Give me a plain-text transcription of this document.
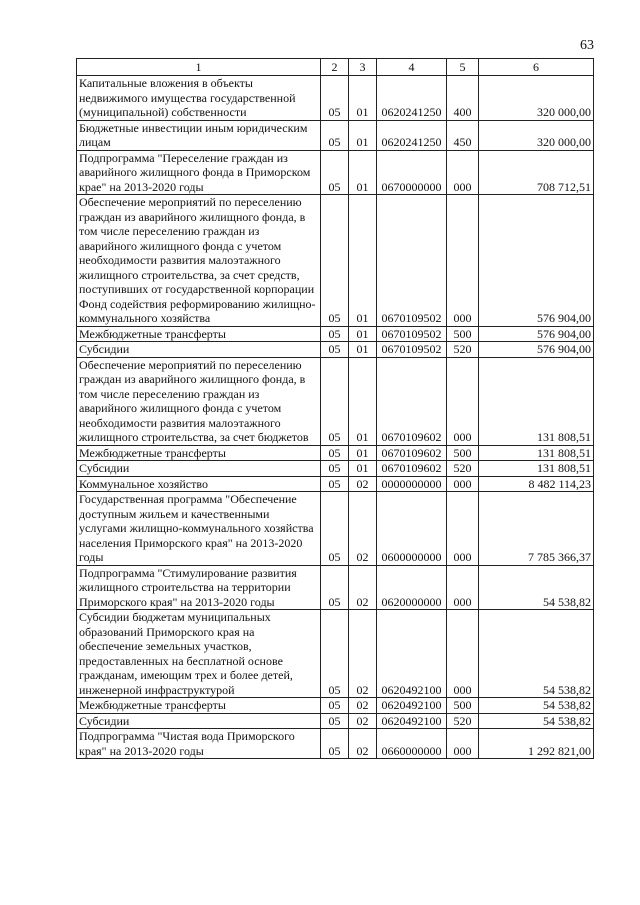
63
1	2	3	4	5	6
Капитальные вложения в объекты недвижимого имущества государственной (муниципальной) собственности	05	01	0620241250	400	320 000,00
Бюджетные инвестиции иным юридическим лицам	05	01	0620241250	450	320 000,00
Подпрограмма "Переселение граждан из аварийного жилищного фонда в Приморском крае" на 2013-2020 годы	05	01	0670000000	000	708 712,51
Обеспечение мероприятий по переселению граждан из аварийного жилищного фонда, в том числе переселению граждан из аварийного жилищного фонда с учетом необходимости развития малоэтажного жилищного строительства, за счет средств, поступивших от государственной корпорации Фонд содействия реформированию жилищно-коммунального хозяйства	05	01	0670109502	000	576 904,00
Межбюджетные трансферты	05	01	0670109502	500	576 904,00
Субсидии	05	01	0670109502	520	576 904,00
Обеспечение мероприятий по переселению граждан из аварийного жилищного фонда, в том числе переселению граждан из аварийного жилищного фонда с учетом необходимости развития малоэтажного жилищного строительства, за счет бюджетов	05	01	0670109602	000	131 808,51
Межбюджетные трансферты	05	01	0670109602	500	131 808,51
Субсидии	05	01	0670109602	520	131 808,51
Коммунальное хозяйство	05	02	0000000000	000	8 482 114,23
Государственная программа "Обеспечение доступным жильем и качественными услугами жилищно-коммунального хозяйства населения Приморского края" на 2013-2020 годы	05	02	0600000000	000	7 785 366,37
Подпрограмма "Стимулирование развития жилищного строительства на территории Приморского края" на 2013-2020 годы	05	02	0620000000	000	54 538,82
Субсидии бюджетам муниципальных образований Приморского края на обеспечение земельных участков, предоставленных на бесплатной основе гражданам, имеющим трех и более детей, инженерной инфраструктурой	05	02	0620492100	000	54 538,82
Межбюджетные трансферты	05	02	0620492100	500	54 538,82
Субсидии	05	02	0620492100	520	54 538,82
Подпрограмма "Чистая вода Приморского края" на 2013-2020 годы	05	02	0660000000	000	1 292 821,00
